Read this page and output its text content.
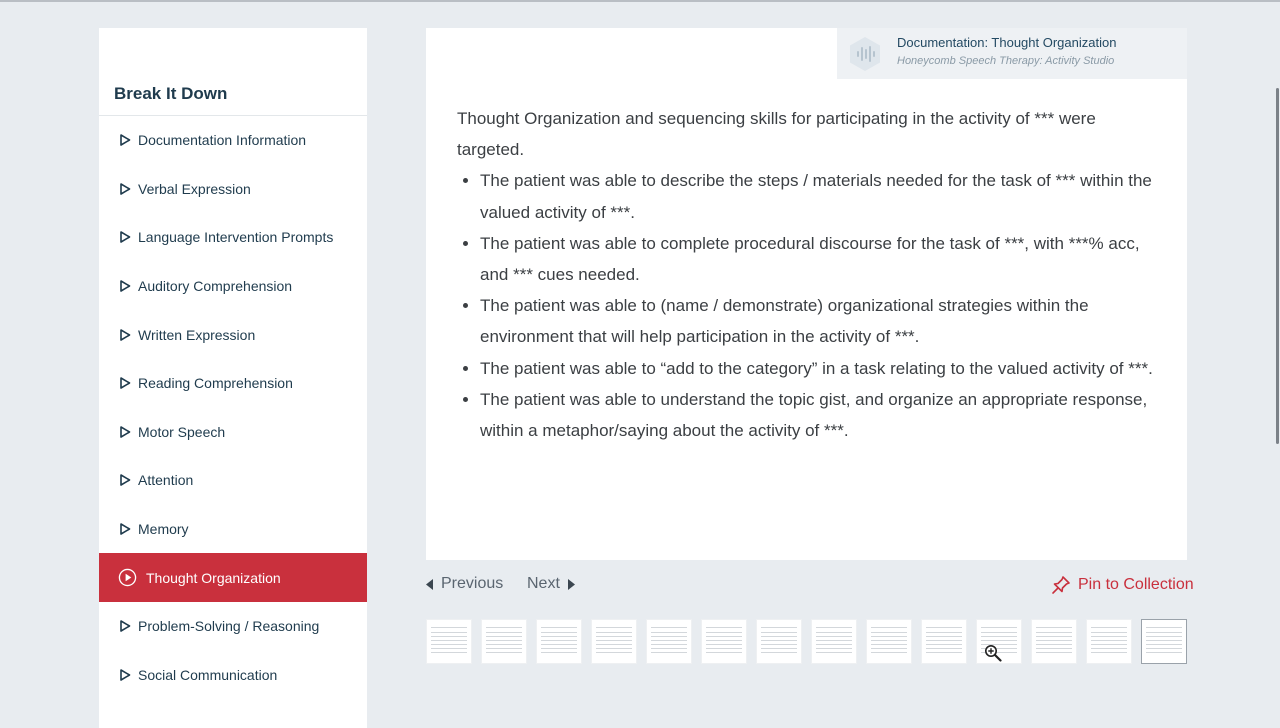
Break It Down
Documentation Information
Verbal Expression
Language Intervention Prompts
Auditory Comprehension
Written Expression
Reading Comprehension
Motor Speech
Attention
Memory
Thought Organization
Problem-Solving / Reasoning
Social Communication
Documentation: Thought Organization
Honeycomb Speech Therapy: Activity Studio

Thought Organization and sequencing skills for participating in the activity of *** were targeted.

• The patient was able to describe the steps / materials needed for the task of *** within the valued activity of ***.
• The patient was able to complete procedural discourse for the task of ***, with ***% acc, and *** cues needed.
• The patient was able to (name / demonstrate) organizational strategies within the environment that will help participation in the activity of ***.
• The patient was able to “add to the category” in a task relating to the valued activity of ***.
• The patient was able to understand the topic gist, and organize an appropriate response, within a metaphor/saying about the activity of ***.
Previous Next	Pin to Collection
